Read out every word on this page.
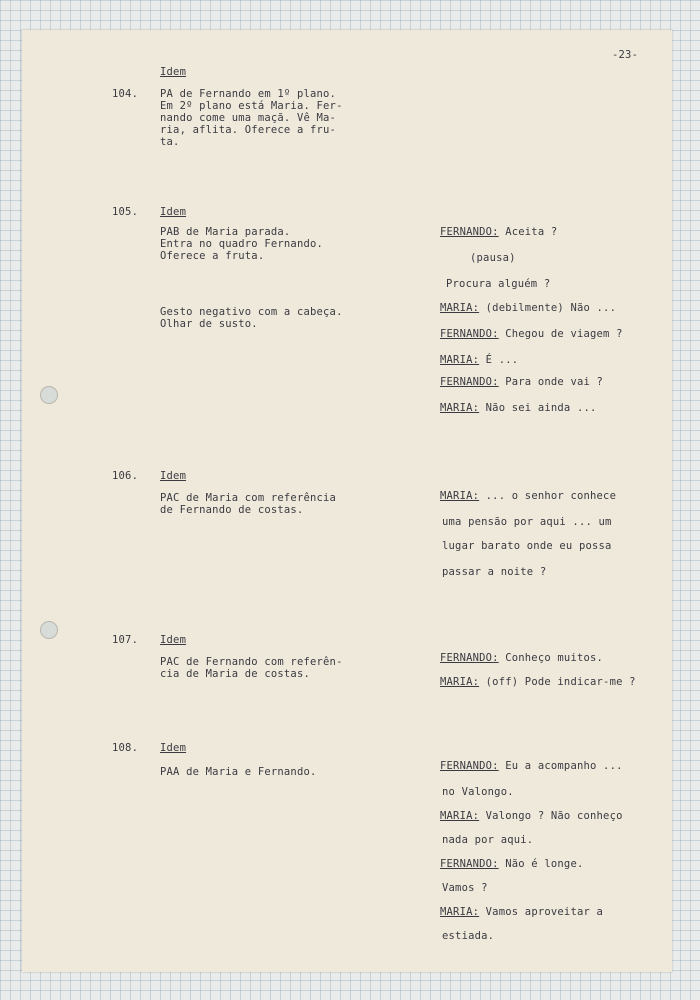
-23-
Idem
104. PA de Fernando em 1º plano.
Em 2º plano está Maria. Fer-
nando come uma maçã. Vê Ma-
ria, aflita. Oferece a fru-
ta.
105. Idem
PAB de Maria parada.
Entra no quadro Fernando.
Oferece a fruta.
Gesto negativo com a cabeça.
Olhar de susto.
FERNANDO: Aceita ?
(pausa)
Procura alguém ?
MARIA: (debilmente) Não ...
FERNANDO: Chegou de viagem ?
MARIA: É ...
FERNANDO: Para onde vai ?
MARIA: Não sei ainda ...
106. Idem
PAC de Maria com referência
de Fernando de costas.
MARIA: ... o senhor conhece
uma pensão por aqui ... um
lugar barato onde eu possa
passar a noite ?
107. Idem
PAC de Fernando com referên-
cia de Maria de costas.
FERNANDO: Conheço muitos.
MARIA: (off) Pode indicar-me ?
108. Idem
PAA de Maria e Fernando.	FERNANDO: Eu a acompanho ...
no Valongo.
MARIA: Valongo ? Não conheço
nada por aqui.
FERNANDO: Não é longe.
Vamos ?
MARIA: Vamos aproveitar a
estiada.
